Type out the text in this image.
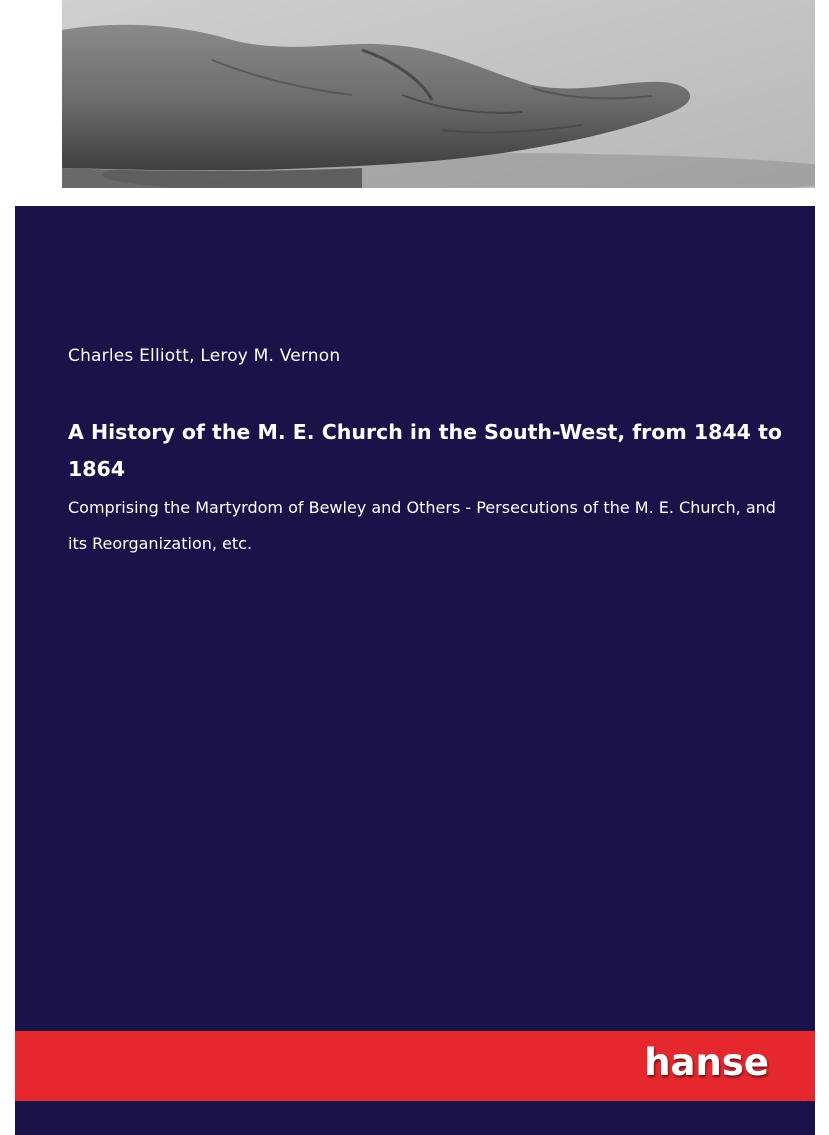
Charles Elliott, Leroy M. Vernon

A History of the M. E. Church in the South-West, from 1844 to 1864

Comprising the Martyrdom of Bewley and Others - Persecutions of the M. E. Church, and its Reorganization, etc.

hanse
